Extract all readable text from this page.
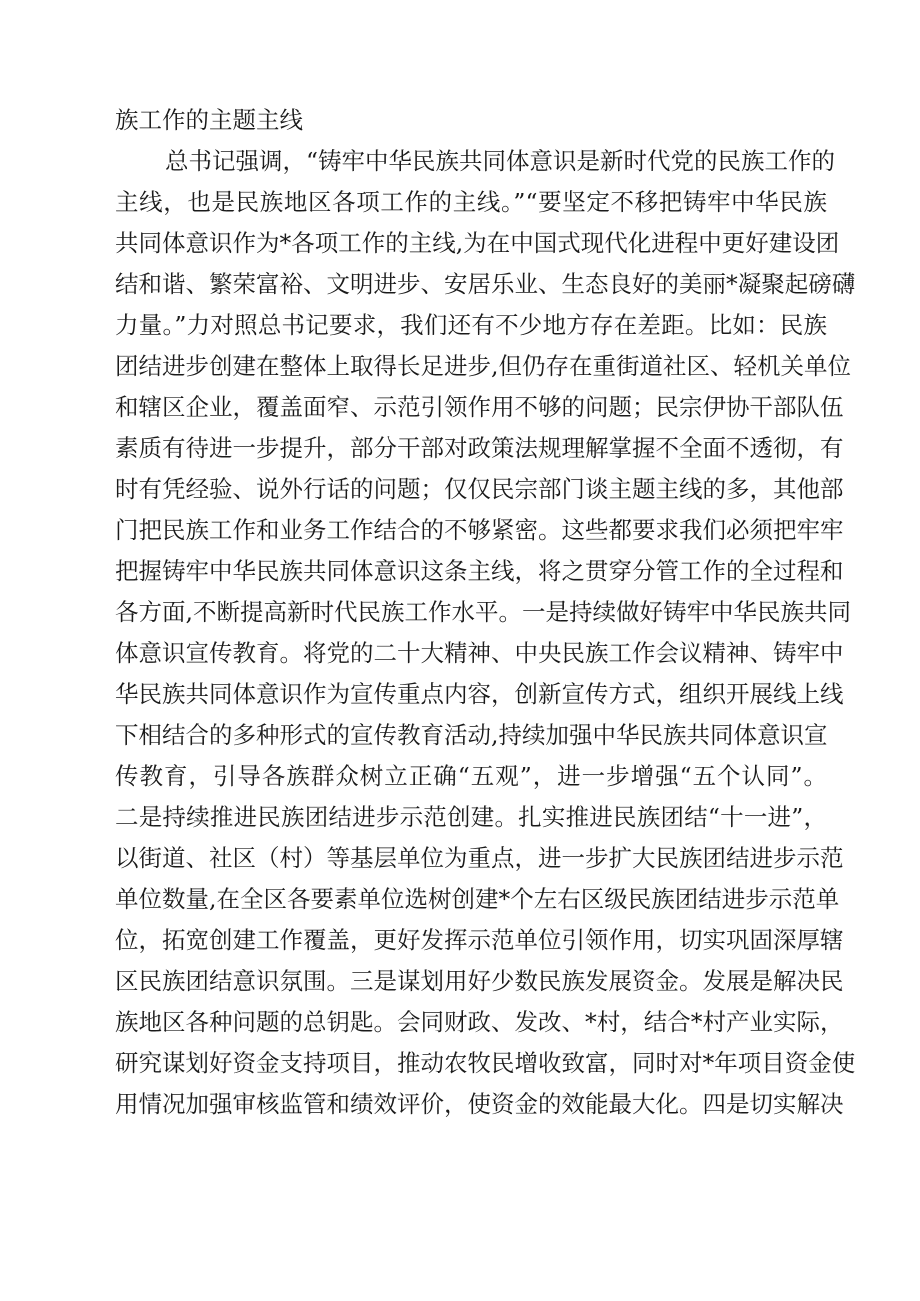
族工作的主题主线
总书记强调，“铸牢中华民族共同体意识是新时代党的民族工作的
主线，也是民族地区各项工作的主线。”“要坚定不移把铸牢中华民族
共同体意识作为*各项工作的主线,为在中国式现代化进程中更好建设团
结和谐、繁荣富裕、文明进步、安居乐业、生态良好的美丽*凝聚起磅礴
力量。”力对照总书记要求，我们还有不少地方存在差距。比如：民族
团结进步创建在整体上取得长足进步,但仍存在重街道社区、轻机关单位
和辖区企业，覆盖面窄、示范引领作用不够的问题；民宗伊协干部队伍
素质有待进一步提升，部分干部对政策法规理解掌握不全面不透彻，有
时有凭经验、说外行话的问题；仅仅民宗部门谈主题主线的多，其他部
门把民族工作和业务工作结合的不够紧密。这些都要求我们必须把牢牢
把握铸牢中华民族共同体意识这条主线，将之贯穿分管工作的全过程和
各方面,不断提高新时代民族工作水平。一是持续做好铸牢中华民族共同
体意识宣传教育。将党的二十大精神、中央民族工作会议精神、铸牢中
华民族共同体意识作为宣传重点内容，创新宣传方式，组织开展线上线
下相结合的多种形式的宣传教育活动,持续加强中华民族共同体意识宣
传教育，引导各族群众树立正确“五观”，进一步增强“五个认同”。
二是持续推进民族团结进步示范创建。扎实推进民族团结“十一进”，
以街道、社区（村）等基层单位为重点，进一步扩大民族团结进步示范
单位数量,在全区各要素单位选树创建*个左右区级民族团结进步示范单
位，拓宽创建工作覆盖，更好发挥示范单位引领作用，切实巩固深厚辖
区民族团结意识氛围。三是谋划用好少数民族发展资金。发展是解决民
族地区各种问题的总钥匙。会同财政、发改、*村，结合*村产业实际，
研究谋划好资金支持项目，推动农牧民增收致富，同时对*年项目资金使
用情况加强审核监管和绩效评价，使资金的效能最大化。四是切实解决
